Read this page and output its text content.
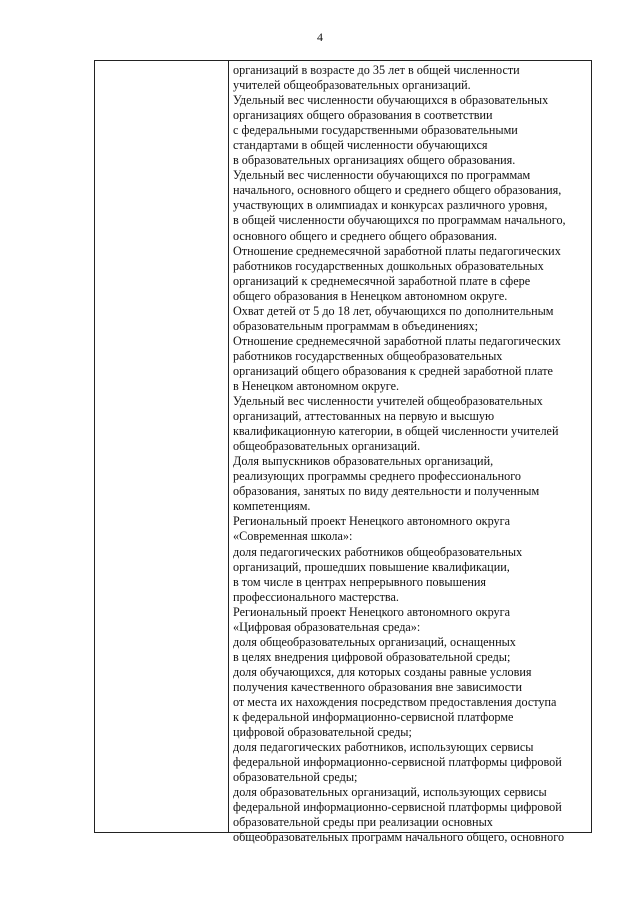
4

организаций в возрасте до 35 лет в общей численности

учителей общеобразовательных организаций.

Удельный вес численности обучающихся в образовательных

организациях общего образования в соответствии

с федеральными государственными образовательными

стандартами в общей численности обучающихся

в образовательных организациях общего образования.

Удельный вес численности обучающихся по программам

начального, основного общего и среднего общего образования,

участвующих в олимпиадах и конкурсах различного уровня,

в общей численности обучающихся по программам начального,

основного общего и среднего общего образования.

Отношение среднемесячной заработной платы педагогических

работников государственных дошкольных образовательных

организаций к среднемесячной заработной плате в сфере

общего образования в Ненецком автономном округе.

Охват детей от 5 до 18 лет, обучающихся по дополнительным

образовательным программам в объединениях;

Отношение среднемесячной заработной платы педагогических

работников государственных общеобразовательных

организаций общего образования к средней заработной плате

в Ненецком автономном округе.

Удельный вес численности учителей общеобразовательных

организаций, аттестованных на первую и высшую

квалификационную категории, в общей численности учителей

общеобразовательных организаций.

Доля выпускников образовательных организаций,

реализующих программы среднего профессионального

образования, занятых по виду деятельности и полученным

компетенциям.

Региональный проект Ненецкого автономного округа

«Современная школа»:

доля педагогических работников общеобразовательных

организаций, прошедших повышение квалификации,

в том числе в центрах непрерывного повышения

профессионального мастерства.

Региональный проект Ненецкого автономного округа

«Цифровая образовательная среда»:

доля общеобразовательных организаций, оснащенных

в целях внедрения цифровой образовательной среды;

доля обучающихся, для которых созданы равные условия

получения качественного образования вне зависимости

от места их нахождения посредством предоставления доступа

к федеральной информационно-сервисной платформе

цифровой образовательной среды;

доля педагогических работников, использующих сервисы

федеральной информационно-сервисной платформы цифровой

образовательной среды;

доля образовательных организаций, использующих сервисы

федеральной информационно-сервисной платформы цифровой

образовательной среды при реализации основных

общеобразовательных программ начального общего, основного
